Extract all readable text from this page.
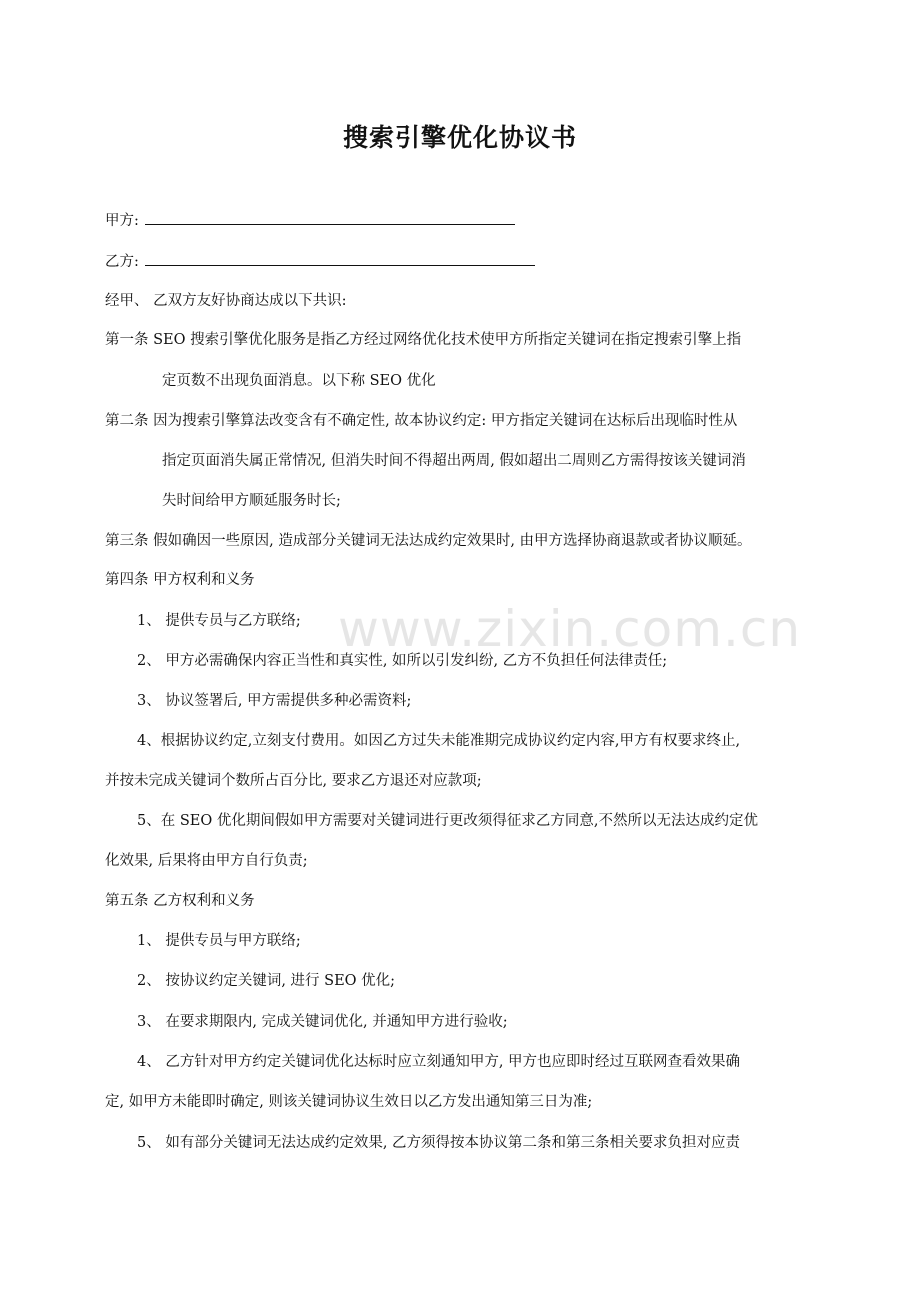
搜索引擎优化协议书
甲方:
乙方:
经甲、 乙双方友好协商达成以下共识:
第一条 SEO 搜索引擎优化服务是指乙方经过网络优化技术使甲方所指定关键词在指定搜索引擎上指
定页数不出现负面消息。以下称 SEO 优化
第二条 因为搜索引擎算法改变含有不确定性, 故本协议约定: 甲方指定关键词在达标后出现临时性从
指定页面消失属正常情况, 但消失时间不得超出两周, 假如超出二周则乙方需得按该关键词消
失时间给甲方顺延服务时长;
第三条 假如确因一些原因, 造成部分关键词无法达成约定效果时, 由甲方选择协商退款或者协议顺延。
第四条 甲方权利和义务
1、 提供专员与乙方联络;
2、 甲方必需确保内容正当性和真实性, 如所以引发纠纷, 乙方不负担任何法律责任;
3、 协议签署后, 甲方需提供多种必需资料;
4、根据协议约定,立刻支付费用。如因乙方过失未能准期完成协议约定内容,甲方有权要求终止,
并按未完成关键词个数所占百分比, 要求乙方退还对应款项;
5、在 SEO 优化期间假如甲方需要对关键词进行更改须得征求乙方同意,不然所以无法达成约定优
化效果, 后果将由甲方自行负责;
第五条 乙方权利和义务
1、 提供专员与甲方联络;
2、 按协议约定关键词, 进行 SEO 优化;
3、 在要求期限内, 完成关键词优化, 并通知甲方进行验收;
4、 乙方针对甲方约定关键词优化达标时应立刻通知甲方, 甲方也应即时经过互联网查看效果确
定, 如甲方未能即时确定, 则该关键词协议生效日以乙方发出通知第三日为准;
5、 如有部分关键词无法达成约定效果, 乙方须得按本协议第二条和第三条相关要求负担对应责
www.zixin.com.cn
